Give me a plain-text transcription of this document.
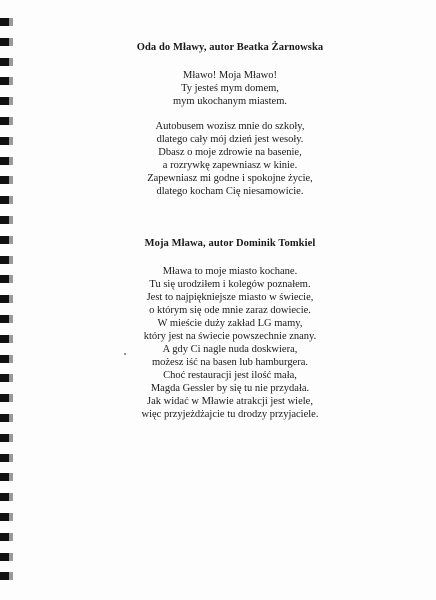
Oda do Mławy, autor Beatka Żarnowska
Mławo! Moja Mławo!
Ty jesteś mym domem,
mym ukochanym miastem.
Autobusem wozisz mnie do szkoły,
dlatego cały mój dzień jest wesoły.
Dbasz o moje zdrowie na basenie,
a rozrywkę zapewniasz w kinie.
Zapewniasz mi godne i spokojne życie,
dlatego kocham Cię niesamowicie.
Moja Mława, autor Dominik Tomkiel
Mława to moje miasto kochane.
Tu się urodziłem i kolegów poznałem.
Jest to najpiękniejsze miasto w świecie,
o którym się ode mnie zaraz dowiecie.
W mieście duży zakład LG mamy,
który jest na świecie powszechnie znany.
A gdy Ci nagle nuda doskwiera,
możesz iść na basen lub hamburgera.
Choć restauracji jest ilość mała,
Magda Gessler by się tu nie przydała.
Jak widać w Mławie atrakcji jest wiele,
więc przyjeżdżajcie tu drodzy przyjaciele.
